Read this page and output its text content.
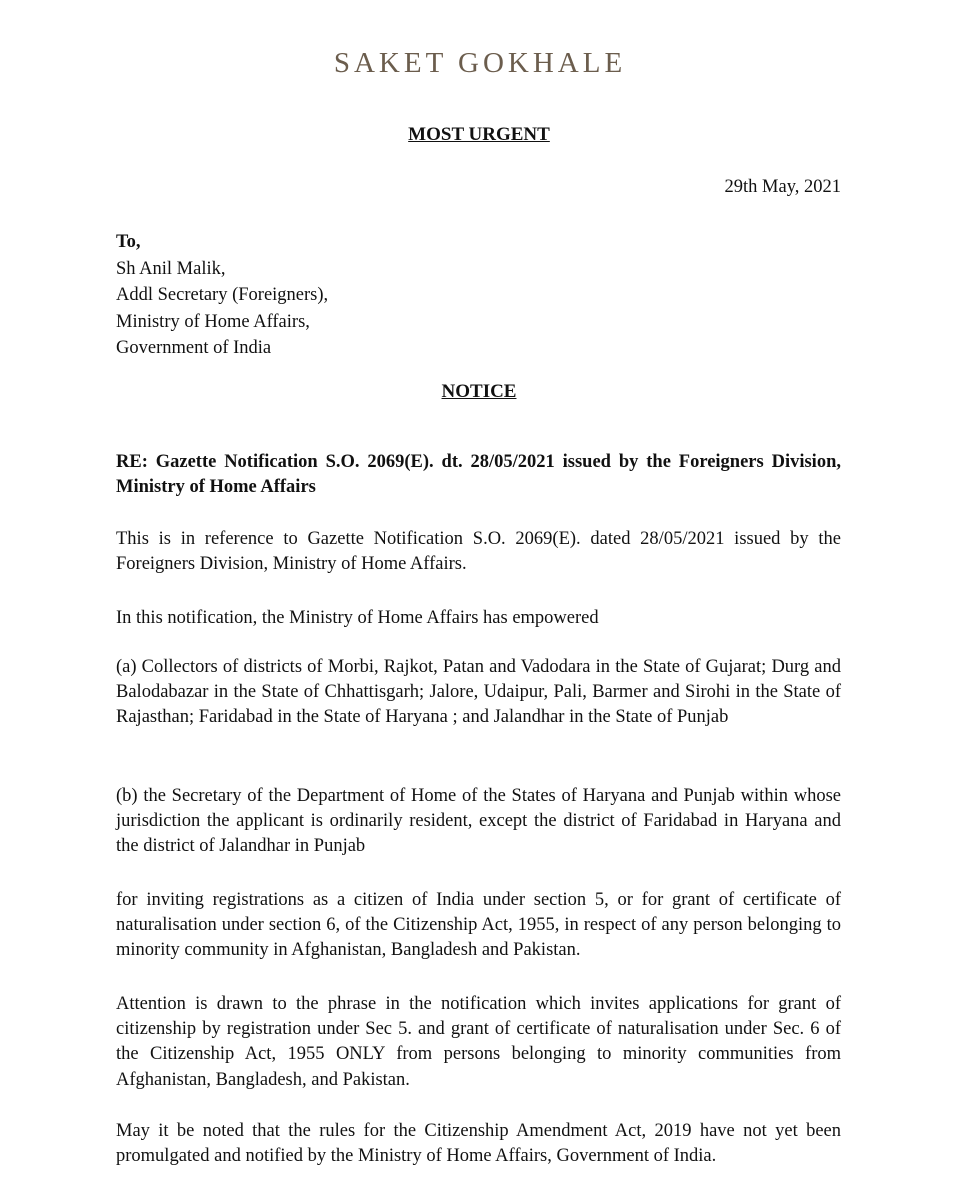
SAKET GOKHALE
MOST URGENT
29th May, 2021
To,
Sh Anil Malik,
Addl Secretary (Foreigners),
Ministry of Home Affairs,
Government of India
NOTICE

RE: Gazette Notification S.O. 2069(E). dt. 28/05/2021 issued by the Foreigners Division, Ministry of Home Affairs

This is in reference to Gazette Notification S.O. 2069(E). dated 28/05/2021 issued by the Foreigners Division, Ministry of Home Affairs.

In this notification, the Ministry of Home Affairs has empowered

(a) Collectors of districts of Morbi, Rajkot, Patan and Vadodara in the State of Gujarat; Durg and Balodabazar in the State of Chhattisgarh; Jalore, Udaipur, Pali, Barmer and Sirohi in the State of Rajasthan; Faridabad in the State of Haryana ; and Jalandhar in the State of Punjab

(b) the Secretary of the Department of Home of the States of Haryana and Punjab within whose jurisdiction the applicant is ordinarily resident, except the district of Faridabad in Haryana and the district of Jalandhar in Punjab

for inviting registrations as a citizen of India under section 5, or for grant of certificate of naturalisation under section 6, of the Citizenship Act, 1955, in respect of any person belonging to minority community in Afghanistan, Bangladesh and Pakistan.

Attention is drawn to the phrase in the notification which invites applications for grant of citizenship by registration under Sec 5. and grant of certificate of naturalisation under Sec. 6 of the Citizenship Act, 1955 ONLY from persons belonging to minority communities from Afghanistan, Bangladesh, and Pakistan.

May it be noted that the rules for the Citizenship Amendment Act, 2019 have not yet been promulgated and notified by the Ministry of Home Affairs, Government of India.
